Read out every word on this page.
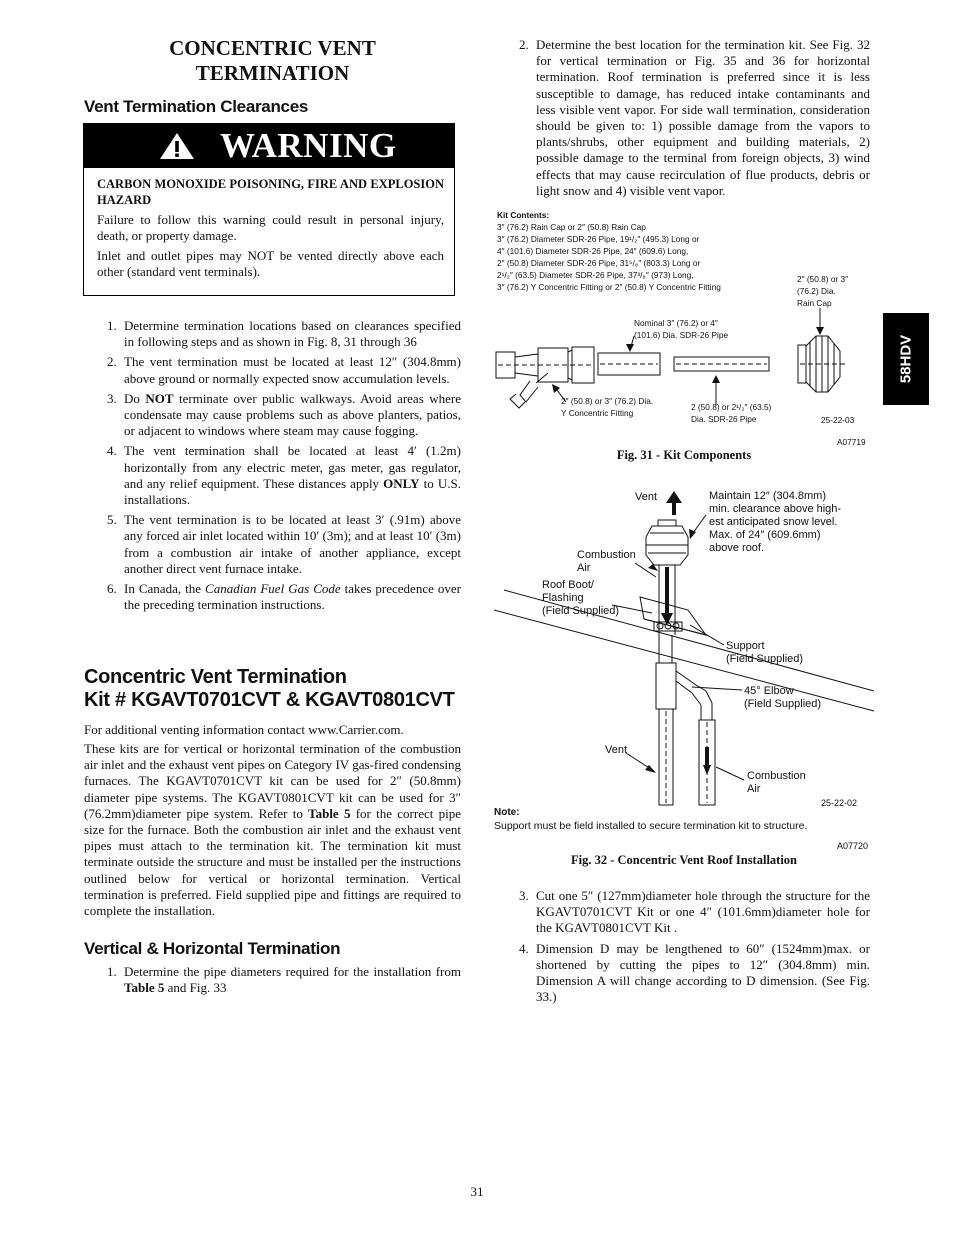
58HDV
CONCENTRIC VENT TERMINATION
Vent Termination Clearances
WARNING

CARBON MONOXIDE POISONING, FIRE AND EXPLOSION HAZARD

Failure to follow this warning could result in personal injury, death, or property damage.

Inlet and outlet pipes may NOT be vented directly above each other (standard vent terminals).

1. Determine termination locations based on clearances specified in following steps and as shown in Fig. 8, 31 through 36
2. The vent termination must be located at least 12″ (304.8mm) above ground or normally expected snow accumulation levels.
3. Do NOT terminate over public walkways. Avoid areas where condensate may cause problems such as above planters, patios, or adjacent to windows where steam may cause fogging.
4. The vent termination shall be located at least 4′ (1.2m) horizontally from any electric meter, gas meter, gas regulator, and any relief equipment. These distances apply ONLY to U.S. installations.
5. The vent termination is to be located at least 3′ (.91m) above any forced air inlet located within 10′ (3m); and at least 10′ (3m) from a combustion air intake of another appliance, except another direct vent furnace intake.
6. In Canada, the Canadian Fuel Gas Code takes precedence over the preceding termination instructions.
Concentric Vent Termination
Kit # KGAVT0701CVT & KGAVT0801CVT
For additional venting information contact www.Carrier.com.
These kits are for vertical or horizontal termination of the combustion air inlet and the exhaust vent pipes on Category IV gas‑fired condensing furnaces. The KGAVT0701CVT kit can be used for 2″ (50.8mm) diameter pipe systems. The KGAVT0801CVT kit can be used for 3″ (76.2mm)diameter pipe system. Refer to Table 5 for the correct pipe size for the furnace. Both the combustion air inlet and the exhaust vent pipes must attach to the termination kit. The termination kit must terminate outside the structure and must be installed per the instructions outlined below for vertical or horizontal termination. Vertical termination is preferred. Field supplied pipe and fittings are required to complete the installation.
Vertical & Horizontal Termination
1. Determine the pipe diameters required for the installation from Table 5 and Fig. 33
2. Determine the best location for the termination kit. See Fig. 32 for vertical termination or Fig. 35 and 36 for horizontal termination. Roof termination is preferred since it is less susceptible to damage, has reduced intake contaminants and less visible vent vapor. For side wall termination, consideration should be given to: 1) possible damage from the vapors to plants/shrubs, other equipment and building materials, 2) possible damage to the terminal from foreign objects, 3) wind effects that may cause recirculation of flue products, debris or light snow and 4) visible vent vapor.
Kit Contents:
3″ (76.2) Rain Cap or 2″ (50.8) Rain Cap
3″ (76.2) Diameter SDR‑26 Pipe, 19¹/₂″ (495.3) Long or
4″ (101.6) Diameter SDR‑26 Pipe, 24″ (609.6) Long,
2″ (50.8) Diameter SDR‑26 Pipe, 31⁵/₈″ (803.3) Long or
2¹/₂″ (63.5) Diameter SDR‑26 Pipe, 37³/₈″ (973) Long,
3″ (76.2) Y Concentric Fitting or 2″ (50.8) Y Concentric Fitting
2″ (50.8) or 3″
(76.2) Dia.
Rain Cap
Nominal 3″ (76.2) or 4″
(101.6) Dia. SDR‑26 Pipe
2″ (50.8) or 3″ (76.2) Dia.
Y Concentric Fitting
2 (50.8) or 2¹/₂″ (63.5)
Dia. SDR‑26 Pipe	25‑22‑03
A07719
Fig. 31 ‑ Kit Components
Vent	Maintain 12″ (304.8mm)
min. clearance above high‑
est anticipated snow level.
Max. of 24″ (609.6mm)
above roof.
Combustion
Air
Roof Boot/
Flashing
(Field Supplied)
Support
(Field Supplied)
45° Elbow
(Field Supplied)
Vent
Combustion
Air
25‑22‑02
Note:
Support must be field installed to secure termination kit to structure.
A07720
Fig. 32 ‑ Concentric Vent Roof Installation
3. Cut one 5″ (127mm)diameter hole through the structure for the KGAVT0701CVT Kit or one 4″ (101.6mm)diameter hole for the KGAVT0801CVT Kit .
4. Dimension D may be lengthened to 60″ (1524mm)max. or shortened by cutting the pipes to 12″ (304.8mm) min. Dimension A will change according to D dimension. (See Fig. 33.)
31
